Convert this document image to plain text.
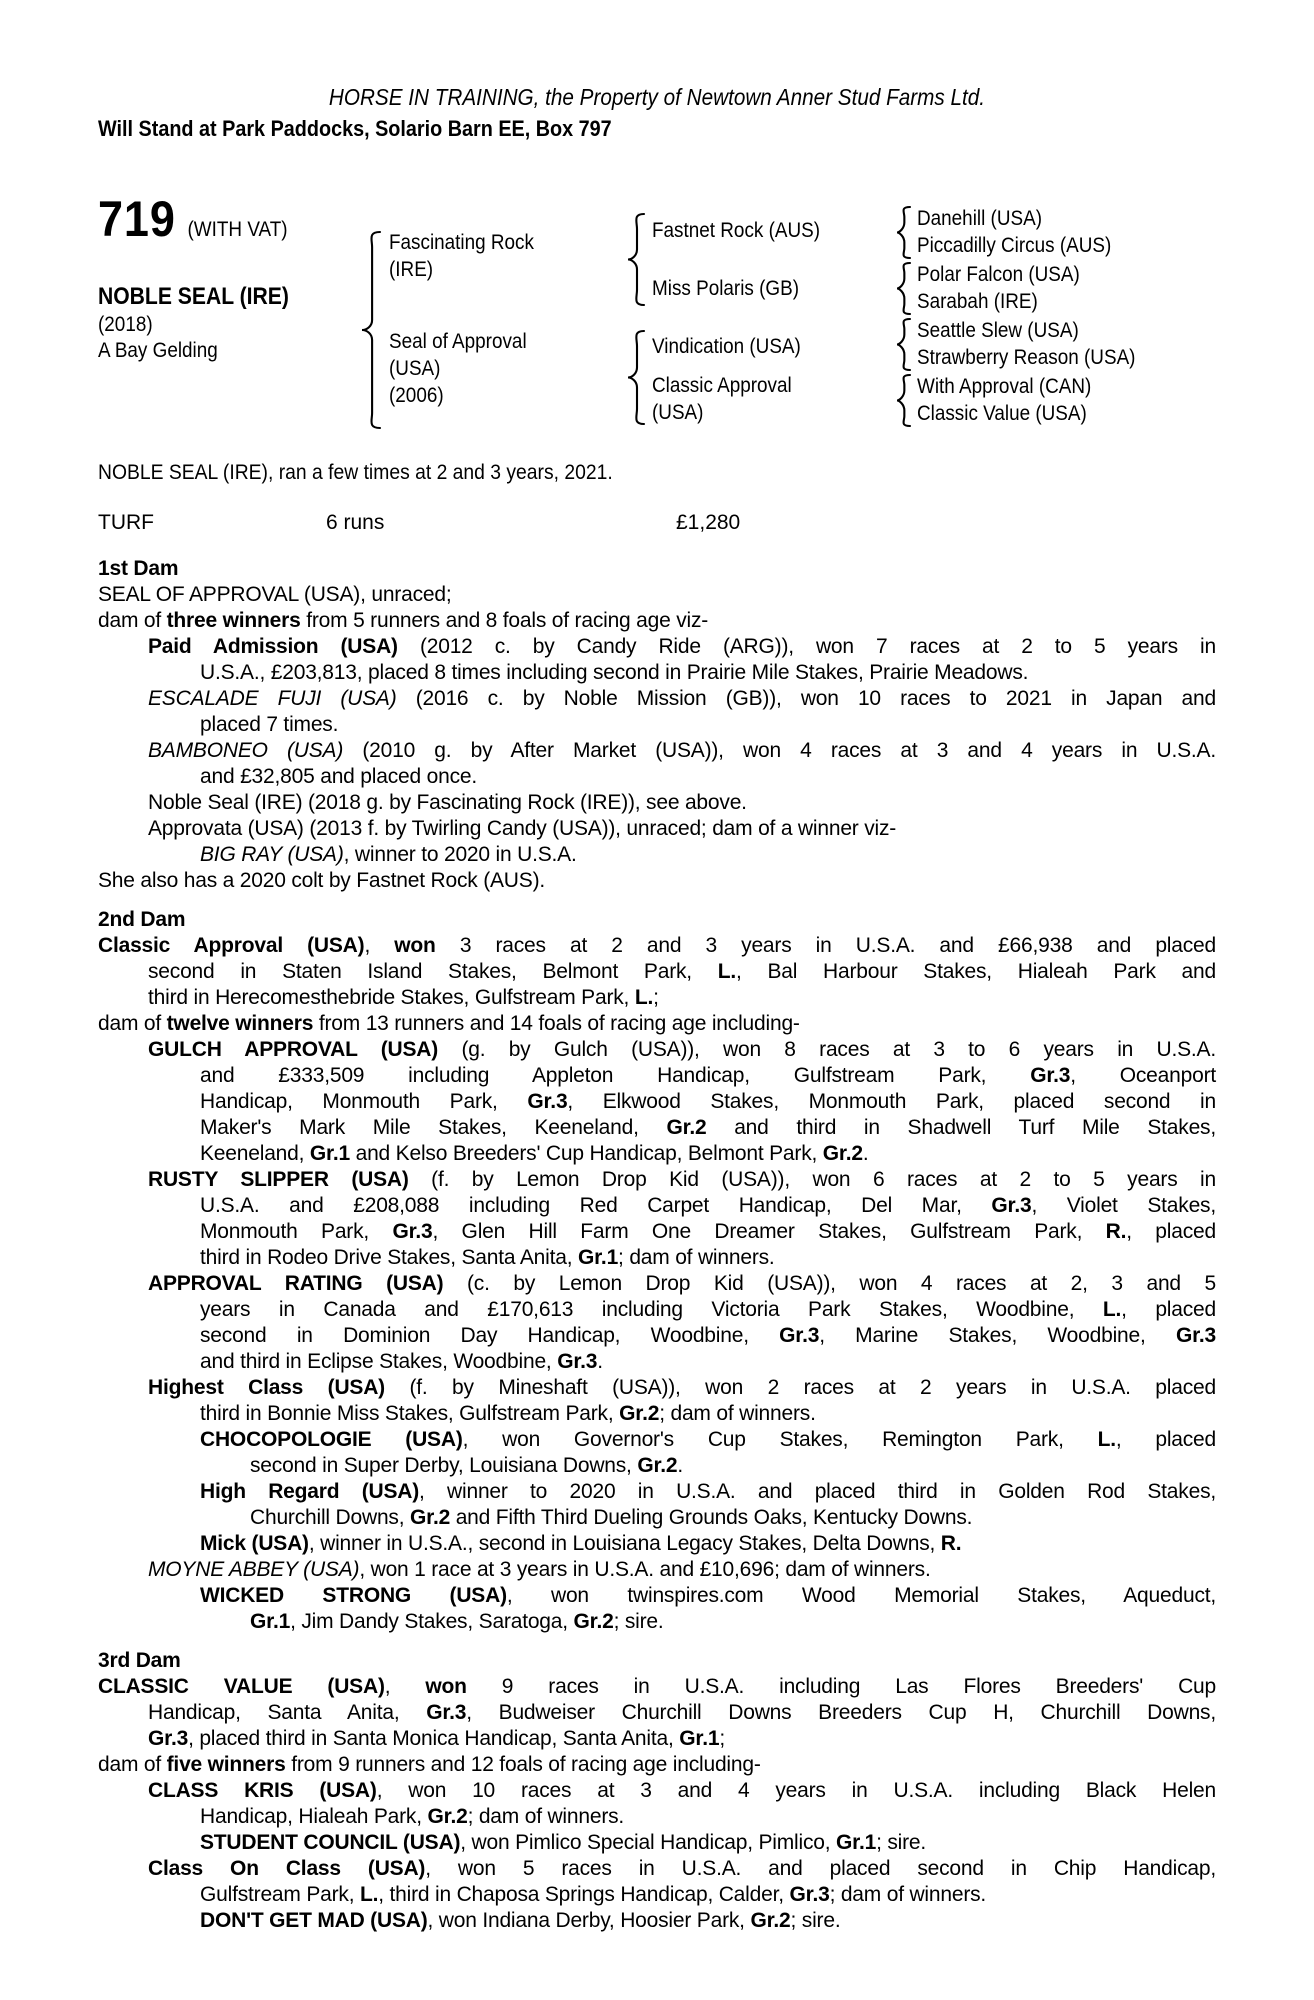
HORSE IN TRAINING, the Property of Newtown Anner Stud Farms Ltd.
Will Stand at Park Paddocks, Solario Barn EE, Box 797
719 (WITH VAT)
NOBLE SEAL (IRE)
(2018)
A Bay Gelding
Fascinating Rock
(IRE)
Seal of Approval
(USA)
(2006)
Fastnet Rock (AUS)
Miss Polaris (GB)
Vindication (USA)
Classic Approval
(USA)
Danehill (USA)
Piccadilly Circus (AUS)
Polar Falcon (USA)
Sarabah (IRE)
Seattle Slew (USA)
Strawberry Reason (USA)
With Approval (CAN)
Classic Value (USA)
NOBLE SEAL (IRE), ran a few times at 2 and 3 years, 2021.
TURF	6 runs	£1,280
1st Dam
SEAL OF APPROVAL (USA), unraced;
dam of three winners from 5 runners and 8 foals of racing age viz-
Paid Admission (USA) (2012 c. by Candy Ride (ARG)), won 7 races at 2 to 5 years in
U.S.A., £203,813, placed 8 times including second in Prairie Mile Stakes, Prairie Meadows.
ESCALADE FUJI (USA) (2016 c. by Noble Mission (GB)), won 10 races to 2021 in Japan and
placed 7 times.
BAMBONEO (USA) (2010 g. by After Market (USA)), won 4 races at 3 and 4 years in U.S.A.
and £32,805 and placed once.
Noble Seal (IRE) (2018 g. by Fascinating Rock (IRE)), see above.
Approvata (USA) (2013 f. by Twirling Candy (USA)), unraced; dam of a winner viz-
BIG RAY (USA), winner to 2020 in U.S.A.
She also has a 2020 colt by Fastnet Rock (AUS).
2nd Dam
Classic Approval (USA), won 3 races at 2 and 3 years in U.S.A. and £66,938 and placed
second in Staten Island Stakes, Belmont Park, L., Bal Harbour Stakes, Hialeah Park and
third in Herecomesthebride Stakes, Gulfstream Park, L.;
dam of twelve winners from 13 runners and 14 foals of racing age including-
GULCH APPROVAL (USA) (g. by Gulch (USA)), won 8 races at 3 to 6 years in U.S.A.
and £333,509 including Appleton Handicap, Gulfstream Park, Gr.3, Oceanport
Handicap, Monmouth Park, Gr.3, Elkwood Stakes, Monmouth Park, placed second in
Maker's Mark Mile Stakes, Keeneland, Gr.2 and third in Shadwell Turf Mile Stakes,
Keeneland, Gr.1 and Kelso Breeders' Cup Handicap, Belmont Park, Gr.2.
RUSTY SLIPPER (USA) (f. by Lemon Drop Kid (USA)), won 6 races at 2 to 5 years in
U.S.A. and £208,088 including Red Carpet Handicap, Del Mar, Gr.3, Violet Stakes,
Monmouth Park, Gr.3, Glen Hill Farm One Dreamer Stakes, Gulfstream Park, R., placed
third in Rodeo Drive Stakes, Santa Anita, Gr.1; dam of winners.
APPROVAL RATING (USA) (c. by Lemon Drop Kid (USA)), won 4 races at 2, 3 and 5
years in Canada and £170,613 including Victoria Park Stakes, Woodbine, L., placed
second in Dominion Day Handicap, Woodbine, Gr.3, Marine Stakes, Woodbine, Gr.3
and third in Eclipse Stakes, Woodbine, Gr.3.
Highest Class (USA) (f. by Mineshaft (USA)), won 2 races at 2 years in U.S.A. placed
third in Bonnie Miss Stakes, Gulfstream Park, Gr.2; dam of winners.
CHOCOPOLOGIE (USA), won Governor's Cup Stakes, Remington Park, L., placed
second in Super Derby, Louisiana Downs, Gr.2.
High Regard (USA), winner to 2020 in U.S.A. and placed third in Golden Rod Stakes,
Churchill Downs, Gr.2 and Fifth Third Dueling Grounds Oaks, Kentucky Downs.
Mick (USA), winner in U.S.A., second in Louisiana Legacy Stakes, Delta Downs, R.
MOYNE ABBEY (USA), won 1 race at 3 years in U.S.A. and £10,696; dam of winners.
WICKED STRONG (USA), won twinspires.com Wood Memorial Stakes, Aqueduct,
Gr.1, Jim Dandy Stakes, Saratoga, Gr.2; sire.
3rd Dam
CLASSIC VALUE (USA), won 9 races in U.S.A. including Las Flores Breeders' Cup
Handicap, Santa Anita, Gr.3, Budweiser Churchill Downs Breeders Cup H, Churchill Downs,
Gr.3, placed third in Santa Monica Handicap, Santa Anita, Gr.1;
dam of five winners from 9 runners and 12 foals of racing age including-
CLASS KRIS (USA), won 10 races at 3 and 4 years in U.S.A. including Black Helen
Handicap, Hialeah Park, Gr.2; dam of winners.
STUDENT COUNCIL (USA), won Pimlico Special Handicap, Pimlico, Gr.1; sire.
Class On Class (USA), won 5 races in U.S.A. and placed second in Chip Handicap,
Gulfstream Park, L., third in Chaposa Springs Handicap, Calder, Gr.3; dam of winners.
DON'T GET MAD (USA), won Indiana Derby, Hoosier Park, Gr.2; sire.
